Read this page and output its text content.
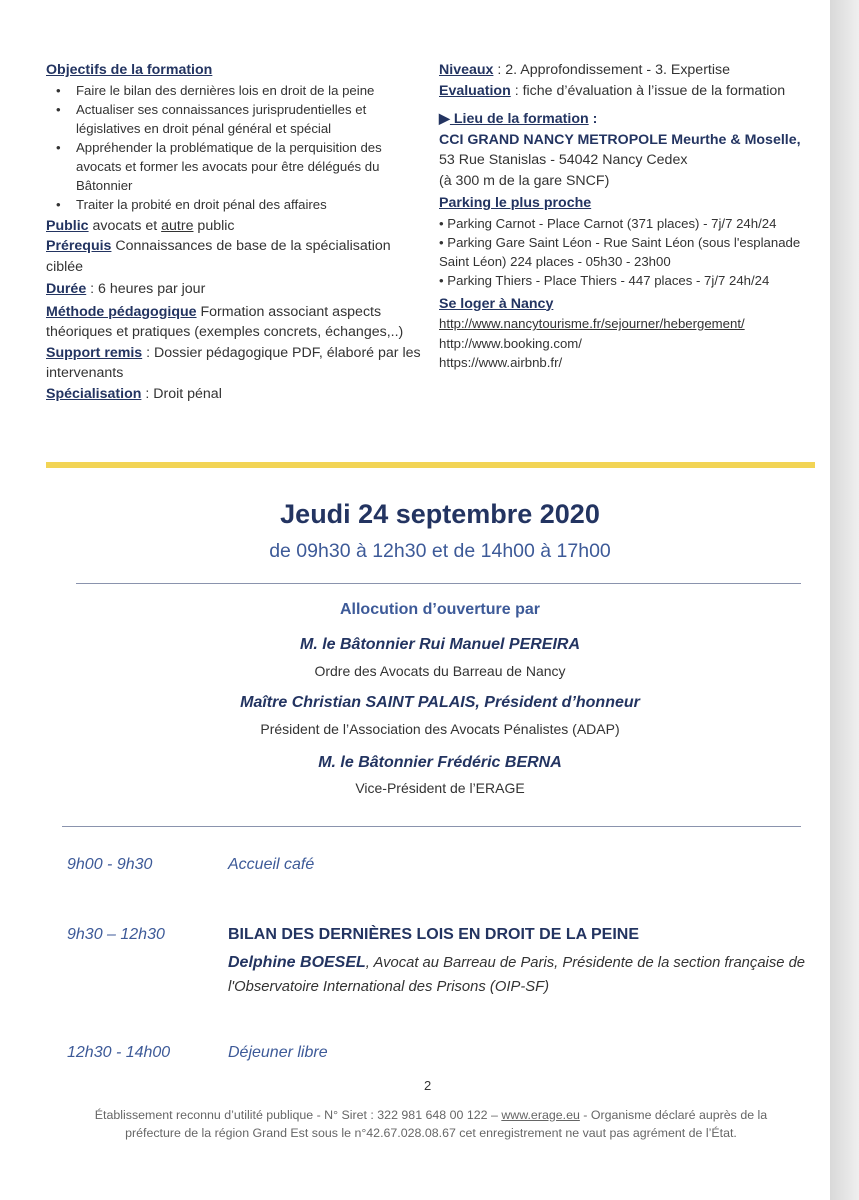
Objectifs de la formation
• Faire le bilan des dernières lois en droit de la peine
• Actualiser ses connaissances jurisprudentielles et législatives en droit pénal général et spécial
• Appréhender la problématique de la perquisition des avocats et former les avocats pour être délégués du Bâtonnier
• Traiter la probité en droit pénal des affaires

Public avocats et autre public

Prérequis Connaissances de base de la spécialisation ciblée

Durée : 6 heures par jour

Méthode pédagogique Formation associant aspects théoriques et pratiques (exemples concrets, échanges,..)

Support remis : Dossier pédagogique PDF, élaboré par les intervenants

Spécialisation : Droit pénal

Niveaux : 2. Approfondissement - 3. Expertise

Evaluation : fiche d’évaluation à l’issue de la formation

▶ Lieu de la formation :

CCI GRAND NANCY METROPOLE Meurthe & Moselle, 53 Rue Stanislas - 54042 Nancy Cedex

(à 300 m de la gare SNCF)

Parking le plus proche

• Parking Carnot - Place Carnot (371 places) - 7j/7 24h/24
• Parking Gare Saint Léon - Rue Saint Léon (sous l'esplanade Saint Léon) 224 places - 05h30 - 23h00
• Parking Thiers - Place Thiers - 447 places - 7j/7 24h/24

Se loger à Nancy

http://www.nancytourisme.fr/sejourner/hebergement/
http://www.booking.com/
https://www.airbnb.fr/
Jeudi 24 septembre 2020
de 09h30 à 12h30 et de 14h00 à 17h00
Allocution d’ouverture par
M. le Bâtonnier Rui Manuel PEREIRA
Ordre des Avocats du Barreau de Nancy
Maître Christian SAINT PALAIS, Président d’honneur
Président de l’Association des Avocats Pénalistes (ADAP)
M. le Bâtonnier Frédéric BERNA
Vice-Président de l’ERAGE
9h00 - 9h30	Accueil café
9h30 – 12h30	BILAN DES DERNIÈRES LOIS EN DROIT DE LA PEINE
Delphine BOESEL, Avocat au Barreau de Paris, Présidente de la section française de l'Observatoire International des Prisons (OIP-SF)
12h30 - 14h00	Déjeuner libre
2
Établissement reconnu d’utilité publique - N° Siret : 322 981 648 00 122 – www.erage.eu - Organisme déclaré auprès de la préfecture de la région Grand Est sous le n°42.67.028.08.67 cet enregistrement ne vaut pas agrément de l’État.
